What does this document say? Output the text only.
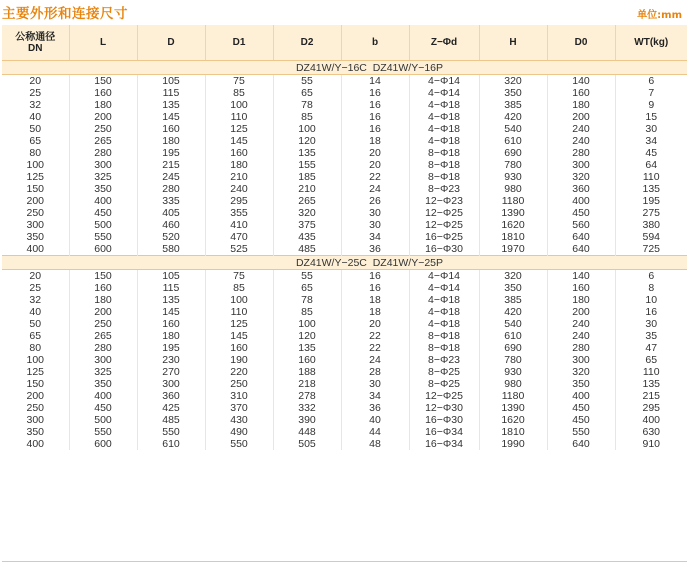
主要外形和连接尺寸	单位:mm
公称通径
DN	L	D	D1	D2	b	Z−Φd	H	D0	WT(kg)
DZ41W/Y−16C  DZ41W/Y−16P									
20	150	105	75	55	14	4−Φ14	320	140	6
25	160	115	85	65	16	4−Φ14	350	160	7
32	180	135	100	78	16	4−Φ18	385	180	9
40	200	145	110	85	16	4−Φ18	420	200	15
50	250	160	125	100	16	4−Φ18	540	240	30
65	265	180	145	120	18	4−Φ18	610	240	34
80	280	195	160	135	20	8−Φ18	690	280	45
100	300	215	180	155	20	8−Φ18	780	300	64
125	325	245	210	185	22	8−Φ18	930	320	110
150	350	280	240	210	24	8−Φ23	980	360	135
200	400	335	295	265	26	12−Φ23	1180	400	195
250	450	405	355	320	30	12−Φ25	1390	450	275
300	500	460	410	375	30	12−Φ25	1620	560	380
350	550	520	470	435	34	16−Φ25	1810	640	594
400	600	580	525	485	36	16−Φ30	1970	640	725
DZ41W/Y−25C  DZ41W/Y−25P									
20	150	105	75	55	16	4−Φ14	320	140	6
25	160	115	85	65	16	4−Φ14	350	160	8
32	180	135	100	78	18	4−Φ18	385	180	10
40	200	145	110	85	18	4−Φ18	420	200	16
50	250	160	125	100	20	4−Φ18	540	240	30
65	265	180	145	120	22	8−Φ18	610	240	35
80	280	195	160	135	22	8−Φ18	690	280	47
100	300	230	190	160	24	8−Φ23	780	300	65
125	325	270	220	188	28	8−Φ25	930	320	110
150	350	300	250	218	30	8−Φ25	980	350	135
200	400	360	310	278	34	12−Φ25	1180	400	215
250	450	425	370	332	36	12−Φ30	1390	450	295
300	500	485	430	390	40	16−Φ30	1620	450	400
350	550	550	490	448	44	16−Φ34	1810	550	630
400	600	610	550	505	48	16−Φ34	1990	640	910
